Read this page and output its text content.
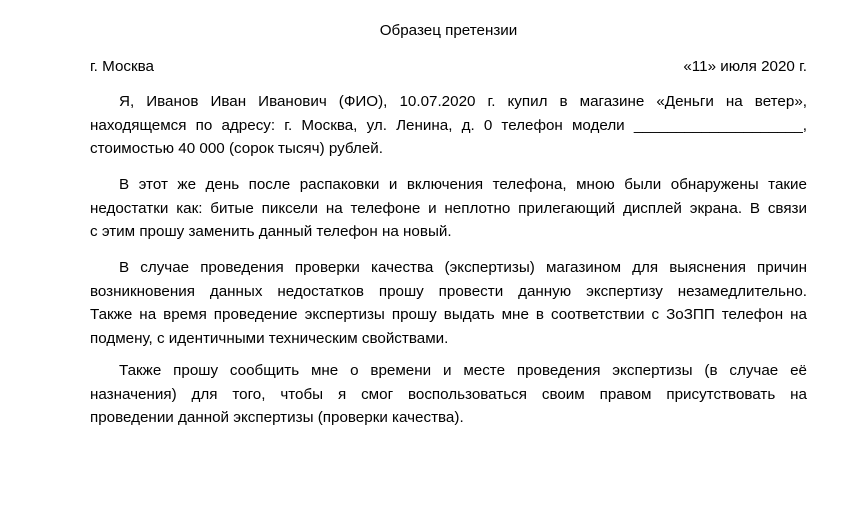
Образец претензии
г. Москва	«11» июля 2020 г.
Я, Иванов Иван Иванович (ФИО), 10.07.2020 г. купил в магазине «Деньги на ветер»,
находящемся по адресу: г. Москва, ул. Ленина, д. 0 телефон модели ____________________,
стоимостью 40 000 (сорок тысяч) рублей.
В этот же день после распаковки и включения телефона, мною были обнаружены такие
недостатки как: битые пиксели на телефоне и неплотно прилегающий дисплей экрана. В связи
с этим прошу заменить данный телефон на новый.
В случае проведения проверки качества (экспертизы) магазином для выяснения причин
возникновения данных недостатков прошу провести данную экспертизу незамедлительно.
Также на время проведение экспертизы прошу выдать мне в соответствии с ЗоЗПП телефон на
подмену, с идентичными техническим свойствами.
Также прошу сообщить мне о времени и месте проведения экспертизы (в случае её
назначения) для того, чтобы я смог воспользоваться своим правом присутствовать на
проведении данной экспертизы (проверки качества).
